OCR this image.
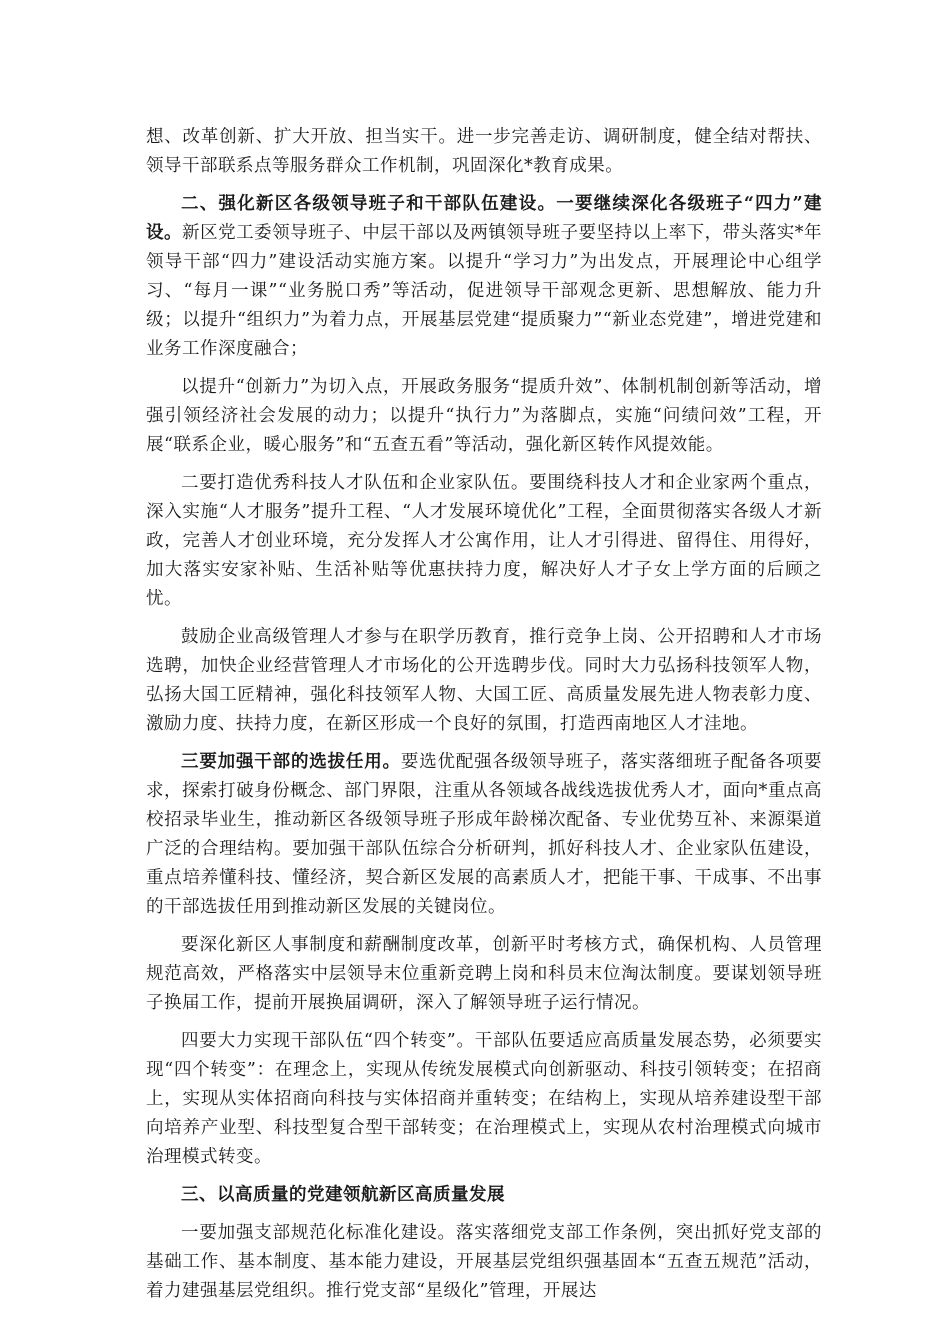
想、改革创新、扩大开放、担当实干。进一步完善走访、调研制度，健全结对帮扶、领导干部联系点等服务群众工作机制，巩固深化*教育成果。

二、强化新区各级领导班子和干部队伍建设。一要继续深化各级班子“四力”建设。新区党工委领导班子、中层干部以及两镇领导班子要坚持以上率下，带头落实*年领导干部“四力”建设活动实施方案。以提升“学习力”为出发点，开展理论中心组学习、“每月一课”“业务脱口秀”等活动，促进领导干部观念更新、思想解放、能力升级；以提升“组织力”为着力点，开展基层党建“提质聚力”“新业态党建”，增进党建和业务工作深度融合；

以提升“创新力”为切入点，开展政务服务“提质升效”、体制机制创新等活动，增强引领经济社会发展的动力；以提升“执行力”为落脚点，实施“问绩问效”工程，开展“联系企业，暖心服务”和“五查五看”等活动，强化新区转作风提效能。

二要打造优秀科技人才队伍和企业家队伍。要围绕科技人才和企业家两个重点，深入实施“人才服务”提升工程、“人才发展环境优化”工程，全面贯彻落实各级人才新政，完善人才创业环境，充分发挥人才公寓作用，让人才引得进、留得住、用得好，加大落实安家补贴、生活补贴等优惠扶持力度，解决好人才子女上学方面的后顾之忧。

鼓励企业高级管理人才参与在职学历教育，推行竞争上岗、公开招聘和人才市场选聘，加快企业经营管理人才市场化的公开选聘步伐。同时大力弘扬科技领军人物，弘扬大国工匠精神，强化科技领军人物、大国工匠、高质量发展先进人物表彰力度、激励力度、扶持力度，在新区形成一个良好的氛围，打造西南地区人才洼地。

三要加强干部的选拔任用。要选优配强各级领导班子，落实落细班子配备各项要求，探索打破身份概念、部门界限，注重从各领域各战线选拔优秀人才，面向*重点高校招录毕业生，推动新区各级领导班子形成年龄梯次配备、专业优势互补、来源渠道广泛的合理结构。要加强干部队伍综合分析研判，抓好科技人才、企业家队伍建设，重点培养懂科技、懂经济，契合新区发展的高素质人才，把能干事、干成事、不出事的干部选拔任用到推动新区发展的关键岗位。

要深化新区人事制度和薪酬制度改革，创新平时考核方式，确保机构、人员管理规范高效，严格落实中层领导末位重新竞聘上岗和科员末位淘汰制度。要谋划领导班子换届工作，提前开展换届调研，深入了解领导班子运行情况。

四要大力实现干部队伍“四个转变”。干部队伍要适应高质量发展态势，必须要实现“四个转变”：在理念上，实现从传统发展模式向创新驱动、科技引领转变；在招商上，实现从实体招商向科技与实体招商并重转变；在结构上，实现从培养建设型干部向培养产业型、科技型复合型干部转变；在治理模式上，实现从农村治理模式向城市治理模式转变。

三、以高质量的党建领航新区高质量发展

一要加强支部规范化标准化建设。落实落细党支部工作条例，突出抓好党支部的基础工作、基本制度、基本能力建设，开展基层党组织强基固本“五查五规范”活动，着力建强基层党组织。推行党支部“星级化”管理，开展达
